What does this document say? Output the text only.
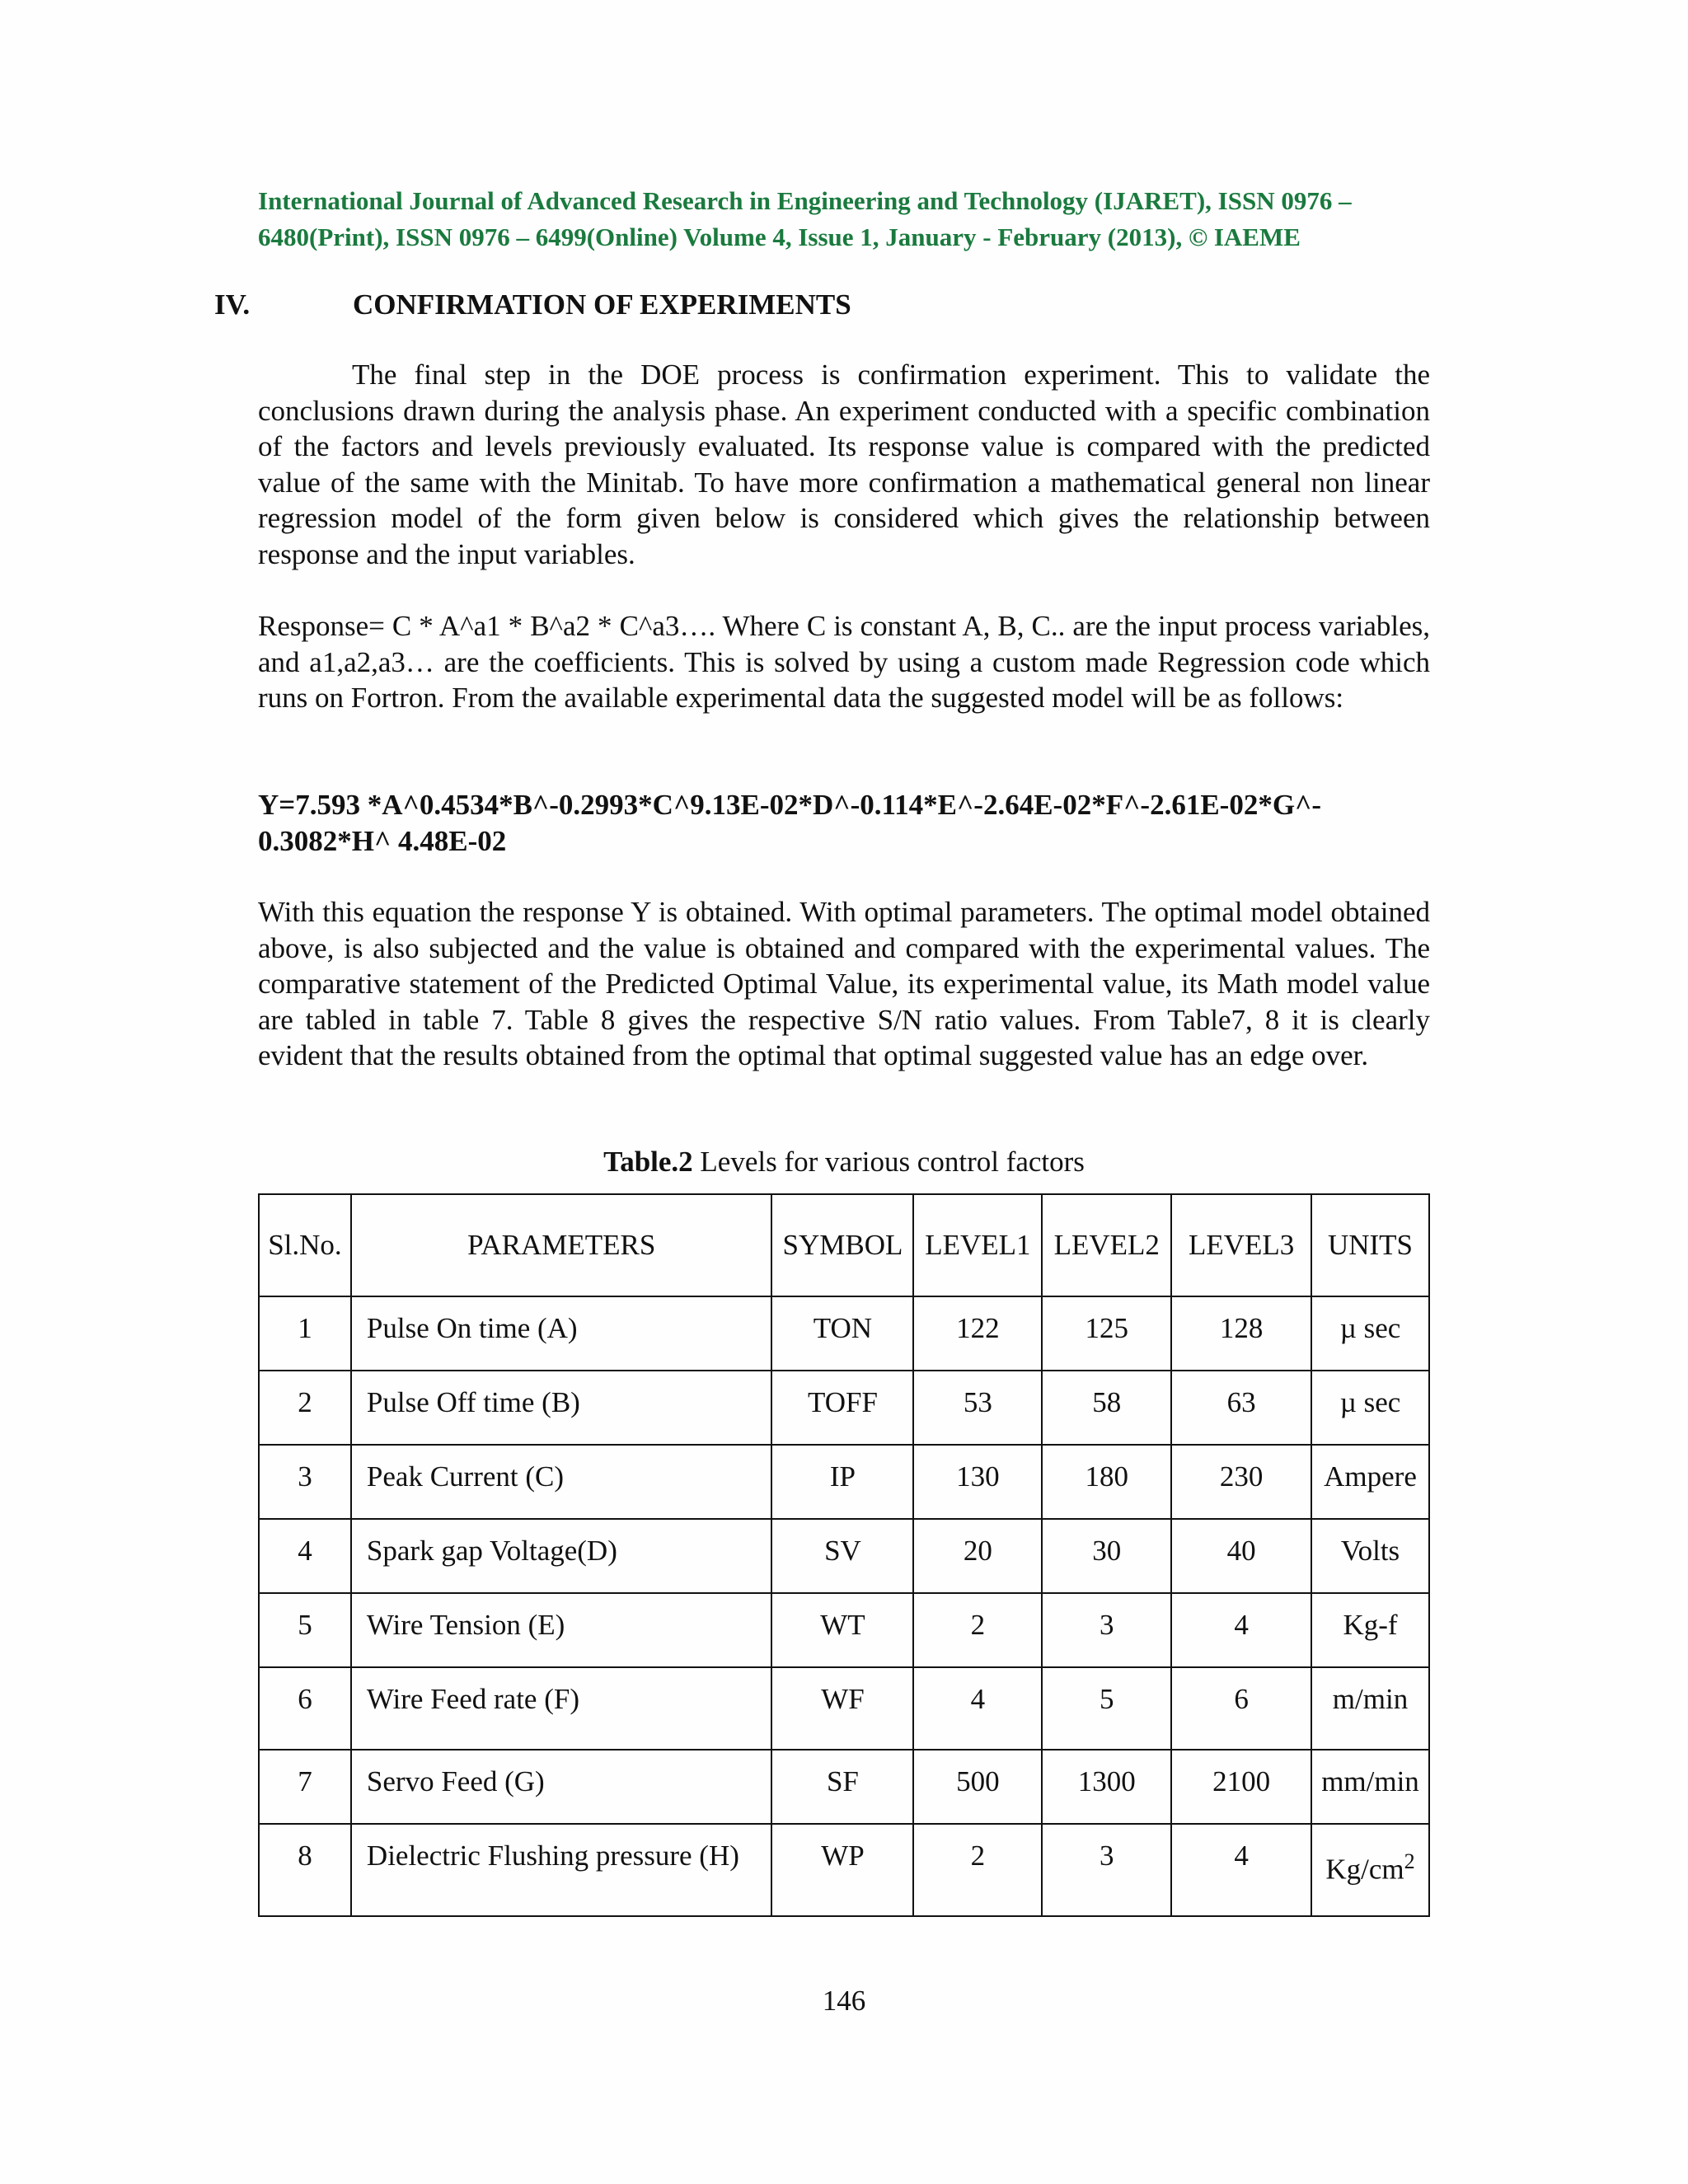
International Journal of Advanced Research in Engineering and Technology (IJARET), ISSN 0976 –
6480(Print), ISSN 0976 – 6499(Online) Volume 4, Issue 1, January - February (2013), © IAEME
IV.	CONFIRMATION OF EXPERIMENTS
The final step in the DOE process is confirmation experiment. This to validate the conclusions drawn during the analysis phase. An experiment conducted with a specific combination of the factors and levels previously evaluated. Its response value is compared with the predicted value of the same with the Minitab. To have more confirmation a mathematical general non linear regression model of the form given below is considered which gives the relationship between response and the input variables.
Response= C * A^a1 * B^a2 * C^a3…. Where C is constant A, B, C.. are the input process variables, and a1,a2,a3… are the coefficients. This is solved by using a custom made Regression code which runs on Fortron. From the available experimental data the suggested model will be as follows:
Y=7.593 *A^0.4534*B^-0.2993*C^9.13E-02*D^-0.114*E^-2.64E-02*F^-2.61E-02*G^-
0.3082*H^ 4.48E-02
With this equation the response Y is obtained. With optimal parameters. The optimal model obtained above, is also subjected and the value is obtained and compared with the experimental values. The comparative statement of the Predicted Optimal Value, its experimental value, its Math model value are tabled in table 7. Table 8 gives the respective S/N ratio values. From Table7, 8 it is clearly evident that the results obtained from the optimal that optimal suggested value has an edge over.
Table.2 Levels for various control factors
Sl.No.	PARAMETERS	SYMBOL	LEVEL1	LEVEL2	LEVEL3	UNITS
1	Pulse On time (A)	TON	122	125	128	µ sec
2	Pulse Off time (B)	TOFF	53	58	63	µ sec
3	Peak Current (C)	IP	130	180	230	Ampere
4	Spark gap Voltage(D)	SV	20	30	40	Volts
5	Wire Tension (E)	WT	2	3	4	Kg-f
6	Wire Feed rate (F)	WF	4	5	6	m/min
7	Servo Feed (G)	SF	500	1300	2100	mm/min
8	Dielectric Flushing pressure (H)	WP	2	3	4	$Kg/cm^2$
146
